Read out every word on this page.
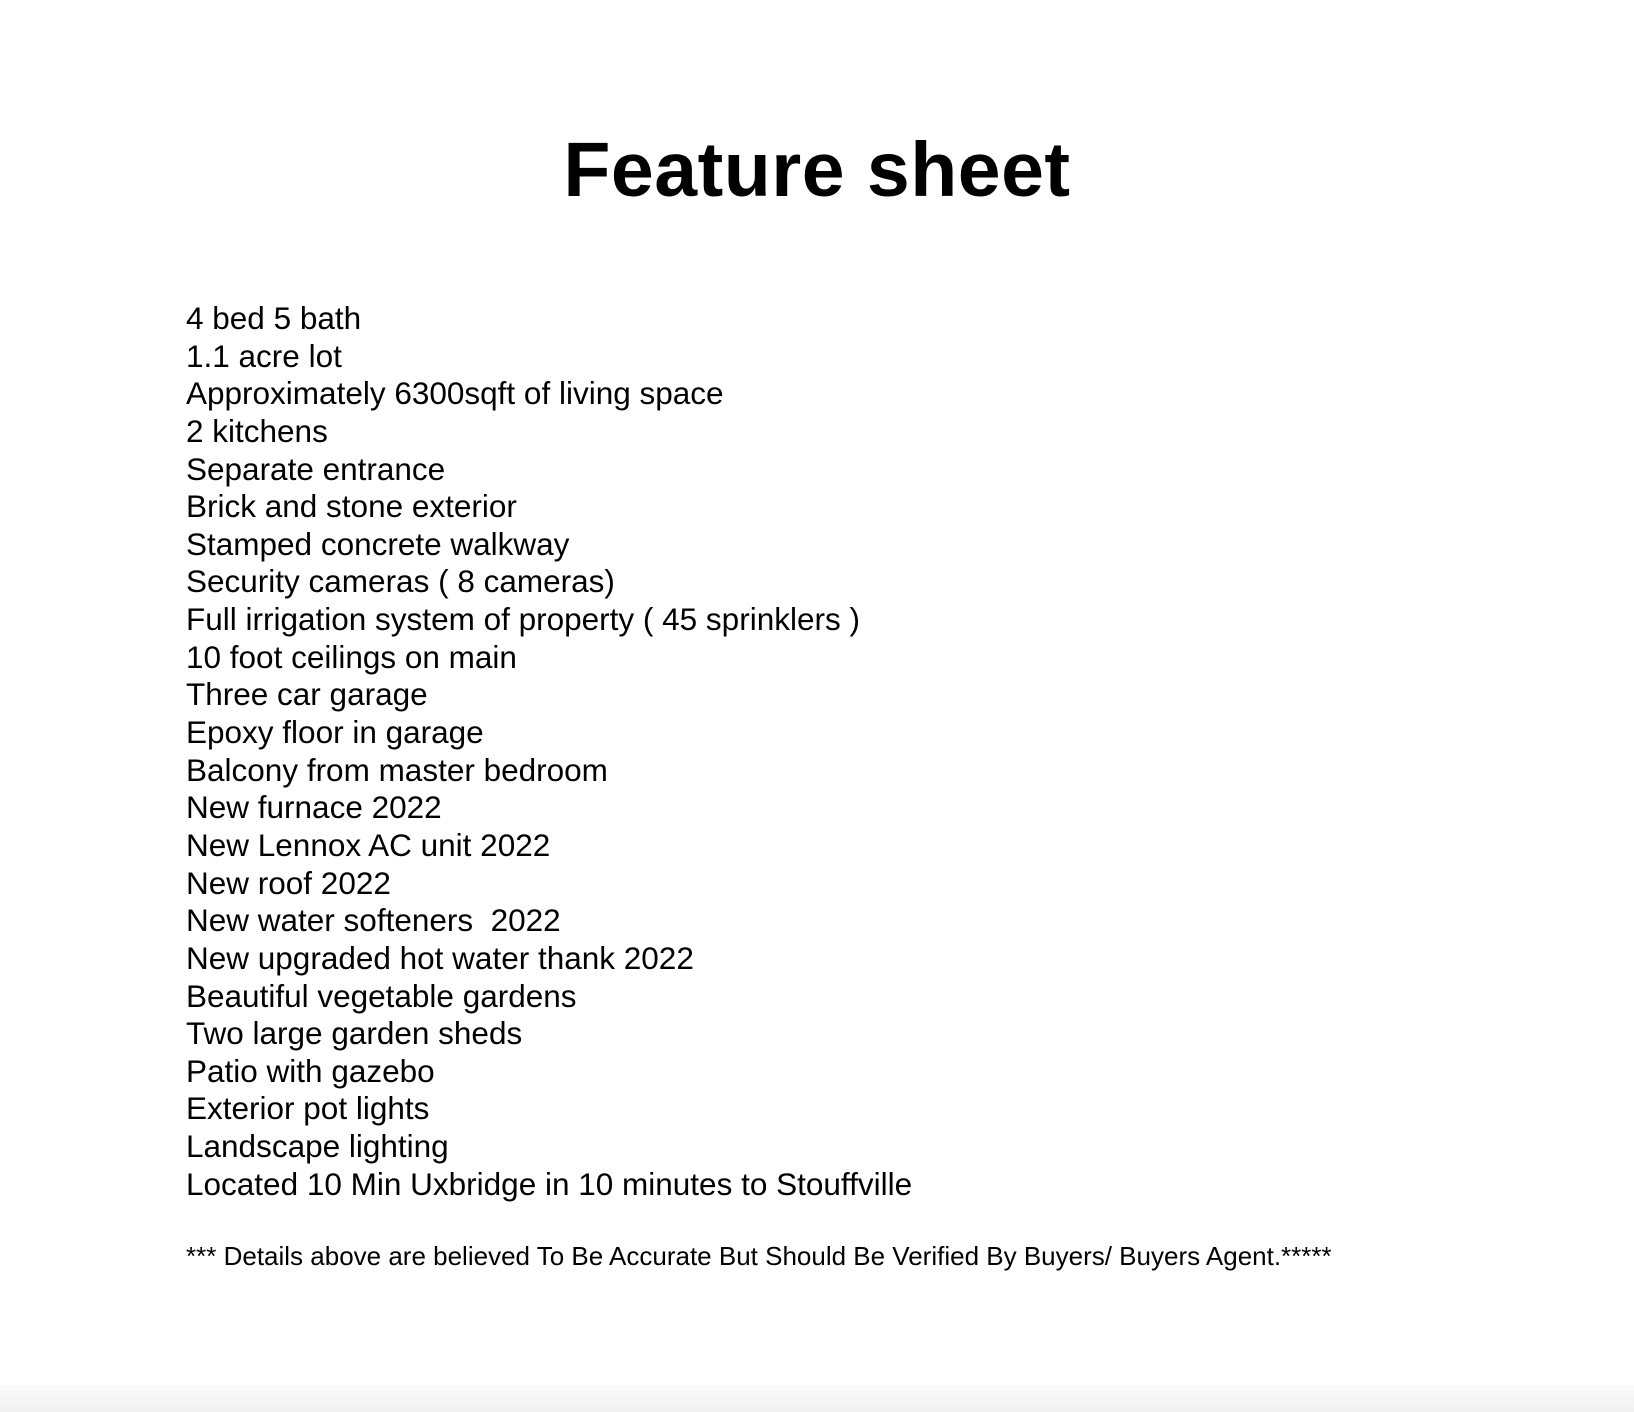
Feature sheet
4 bed 5 bath
1.1 acre lot
Approximately 6300sqft of living space
2 kitchens
Separate entrance
Brick and stone exterior
Stamped concrete walkway
Security cameras ( 8 cameras)
Full irrigation system of property ( 45 sprinklers )
10 foot ceilings on main
Three car garage
Epoxy floor in garage
Balcony from master bedroom
New furnace 2022
New Lennox AC unit 2022
New roof 2022
New water softeners  2022
New upgraded hot water thank 2022
Beautiful vegetable gardens
Two large garden sheds
Patio with gazebo
Exterior pot lights
Landscape lighting
Located 10 Min Uxbridge in 10 minutes to Stouffville

*** Details above are believed To Be Accurate But Should Be Verified By Buyers/ Buyers Agent.*****
